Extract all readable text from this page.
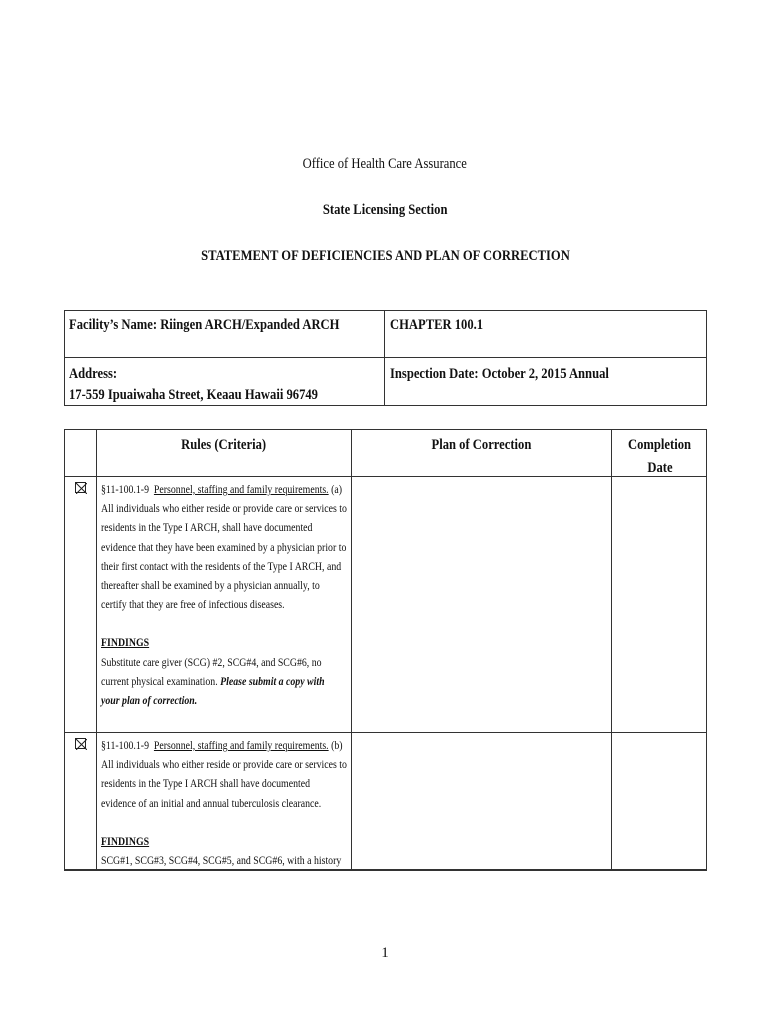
Office of Health Care Assurance
State Licensing Section
STATEMENT OF DEFICIENCIES AND PLAN OF CORRECTION
Facility’s Name: Riingen ARCH/Expanded ARCH	CHAPTER 100.1
Address:
17-559 Ipuaiwaha Street, Keaau Hawaii 96749
Inspection Date: October 2, 2015 Annual
Rules (Criteria)	Plan of Correction	Completion
Date
§11-100.1-9 Personnel, staffing and family requirements. (a)
All individuals who either reside or provide care or services to
residents in the Type I ARCH, shall have documented
evidence that they have been examined by a physician prior to
their first contact with the residents of the Type I ARCH, and
thereafter shall be examined by a physician annually, to
certify that they are free of infectious diseases.

FINDINGS
Substitute care giver (SCG) #2, SCG#4, and SCG#6, no
current physical examination. Please submit a copy with
your plan of correction.
§11-100.1-9 Personnel, staffing and family requirements. (b)
All individuals who either reside or provide care or services to
residents in the Type I ARCH shall have documented
evidence of an initial and annual tuberculosis clearance.

FINDINGS
SCG#1, SCG#3, SCG#4, SCG#5, and SCG#6, with a history
1
